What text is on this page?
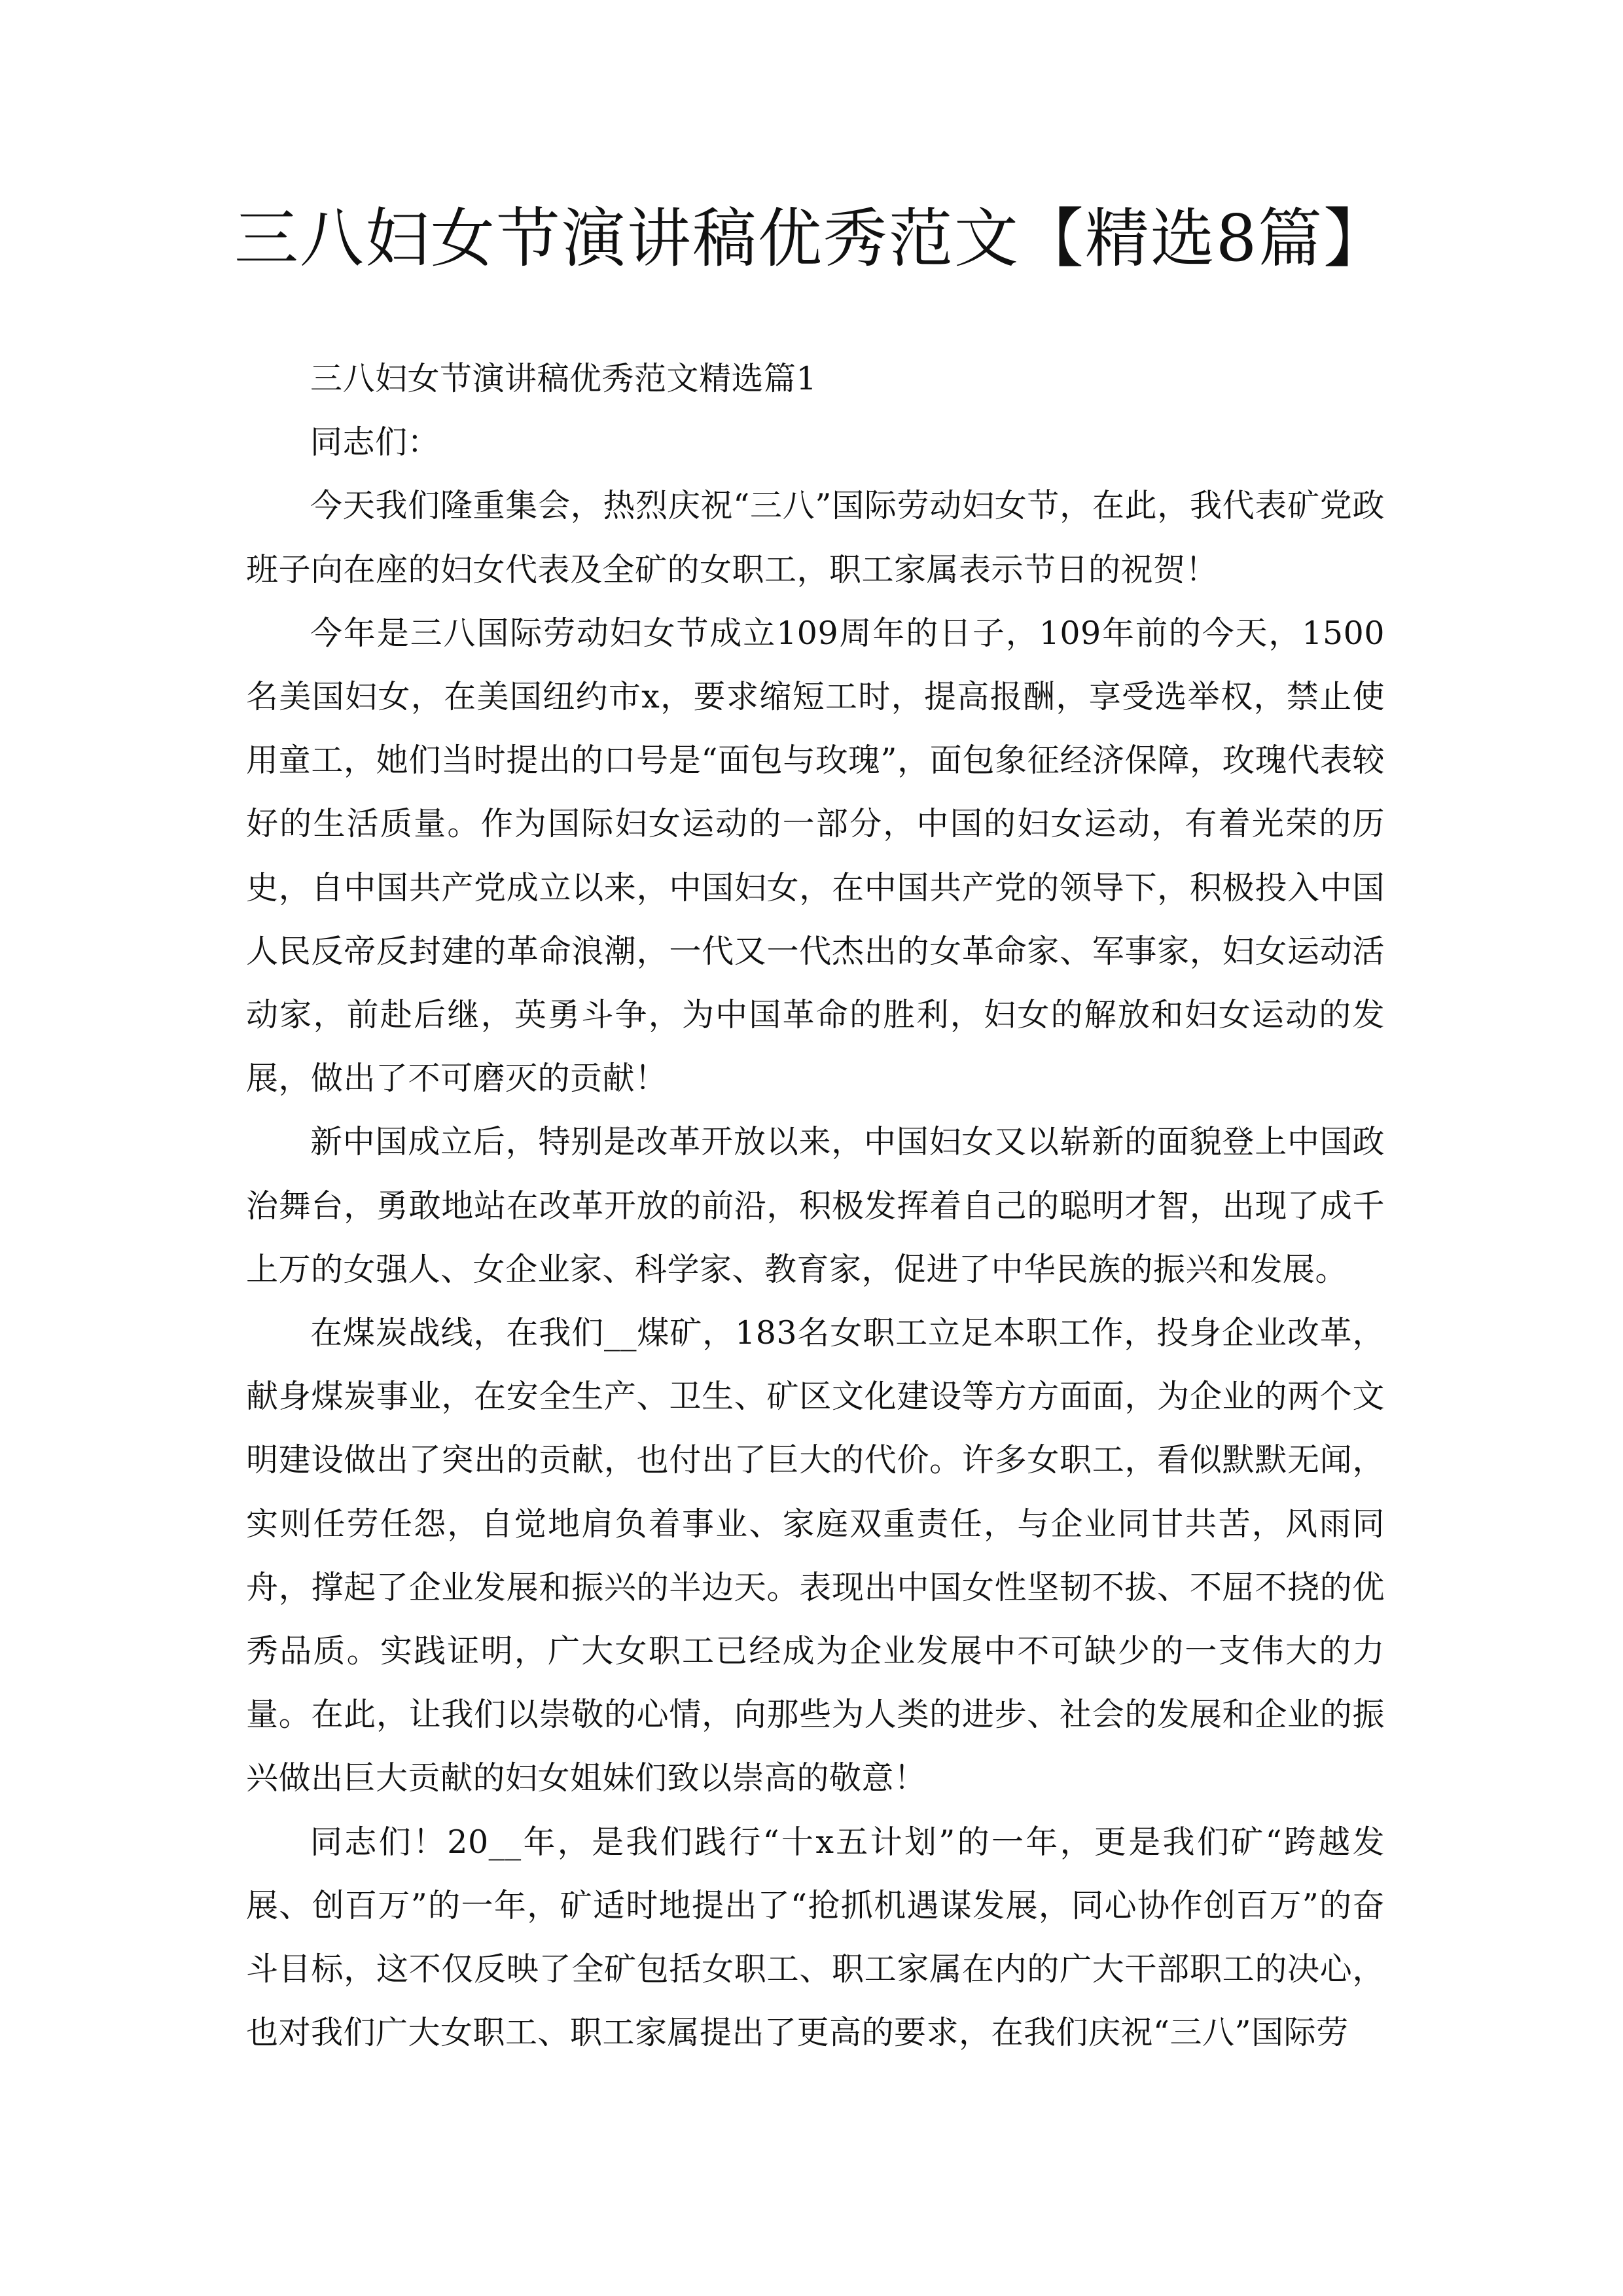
三八妇女节演讲稿优秀范文【精选8篇】

三八妇女节演讲稿优秀范文精选篇1

同志们：

今天我们隆重集会，热烈庆祝“三八”国际劳动妇女节，在此，我代表矿党政班子向在座的妇女代表及全矿的女职工，职工家属表示节日的祝贺！

今年是三八国际劳动妇女节成立109周年的日子，109年前的今天，1500名美国妇女，在美国纽约市x，要求缩短工时，提高报酬，享受选举权，禁止使用童工，她们当时提出的口号是“面包与玫瑰”，面包象征经济保障，玫瑰代表较好的生活质量。作为国际妇女运动的一部分，中国的妇女运动，有着光荣的历史，自中国共产党成立以来，中国妇女，在中国共产党的领导下，积极投入中国人民反帝反封建的革命浪潮，一代又一代杰出的女革命家、军事家，妇女运动活动家，前赴后继，英勇斗争，为中国革命的胜利，妇女的解放和妇女运动的发展，做出了不可磨灭的贡献！

新中国成立后，特别是改革开放以来，中国妇女又以崭新的面貌登上中国政治舞台，勇敢地站在改革开放的前沿，积极发挥着自己的聪明才智，出现了成千上万的女强人、女企业家、科学家、教育家，促进了中华民族的振兴和发展。

在煤炭战线，在我们__煤矿，183名女职工立足本职工作，投身企业改革，献身煤炭事业，在安全生产、卫生、矿区文化建设等方方面面，为企业的两个文明建设做出了突出的贡献，也付出了巨大的代价。许多女职工，看似默默无闻，实则任劳任怨，自觉地肩负着事业、家庭双重责任，与企业同甘共苦，风雨同舟，撑起了企业发展和振兴的半边天。表现出中国女性坚韧不拔、不屈不挠的优秀品质。实践证明，广大女职工已经成为企业发展中不可缺少的一支伟大的力量。在此，让我们以崇敬的心情，向那些为人类的进步、社会的发展和企业的振兴做出巨大贡献的妇女姐妹们致以崇高的敬意！

同志们！20__年，是我们践行“十x五计划”的一年，更是我们矿“跨越发展、创百万”的一年，矿适时地提出了“抢抓机遇谋发展，同心协作创百万”的奋斗目标，这不仅反映了全矿包括女职工、职工家属在内的广大干部职工的决心，也对我们广大女职工、职工家属提出了更高的要求，在我们庆祝“三八”国际劳
